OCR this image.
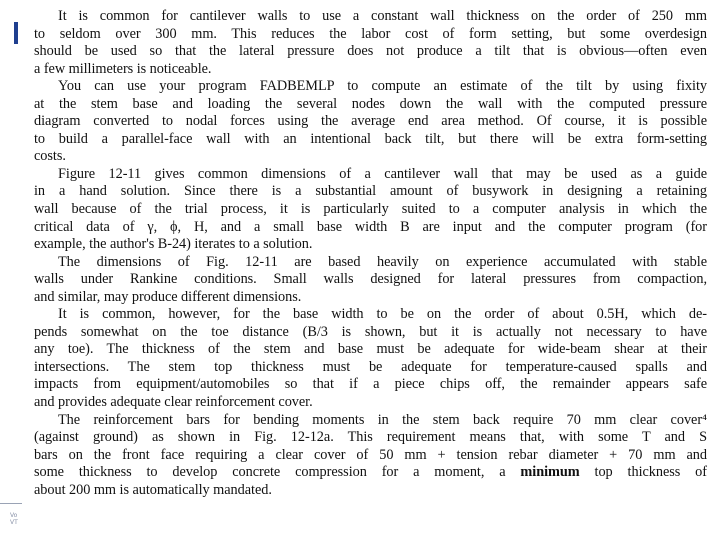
Vo
VT

It is common for cantilever walls to use a constant wall thickness on the order of 250 mm
to seldom over 300 mm. This reduces the labor cost of form setting, but some overdesign
should be used so that the lateral pressure does not produce a tilt that is obvious—often even
a few millimeters is noticeable.

You can use your program FADBEMLP to compute an estimate of the tilt by using fixity
at the stem base and loading the several nodes down the wall with the computed pressure
diagram converted to nodal forces using the average end area method. Of course, it is possible
to build a parallel-face wall with an intentional back tilt, but there will be extra form-setting
costs.

Figure 12-11 gives common dimensions of a cantilever wall that may be used as a guide
in a hand solution. Since there is a substantial amount of busywork in designing a retaining
wall because of the trial process, it is particularly suited to a computer analysis in which the
critical data of γ, ϕ, H, and a small base width B are input and the computer program (for
example, the author's B-24) iterates to a solution.

The dimensions of Fig. 12-11 are based heavily on experience accumulated with stable
walls under Rankine conditions. Small walls designed for lateral pressures from compaction,
and similar, may produce different dimensions.

It is common, however, for the base width to be on the order of about 0.5H, which de-
pends somewhat on the toe distance (B/3 is shown, but it is actually not necessary to have
any toe). The thickness of the stem and base must be adequate for wide-beam shear at their
intersections. The stem top thickness must be adequate for temperature-caused spalls and
impacts from equipment/automobiles so that if a piece chips off, the remainder appears safe
and provides adequate clear reinforcement cover.

The reinforcement bars for bending moments in the stem back require 70 mm clear cover⁴
(against ground) as shown in Fig. 12-12a. This requirement means that, with some T and S
bars on the front face requiring a clear cover of 50 mm + tension rebar diameter + 70 mm and
some thickness to develop concrete compression for a moment, a minimum top thickness of
about 200 mm is automatically mandated.
